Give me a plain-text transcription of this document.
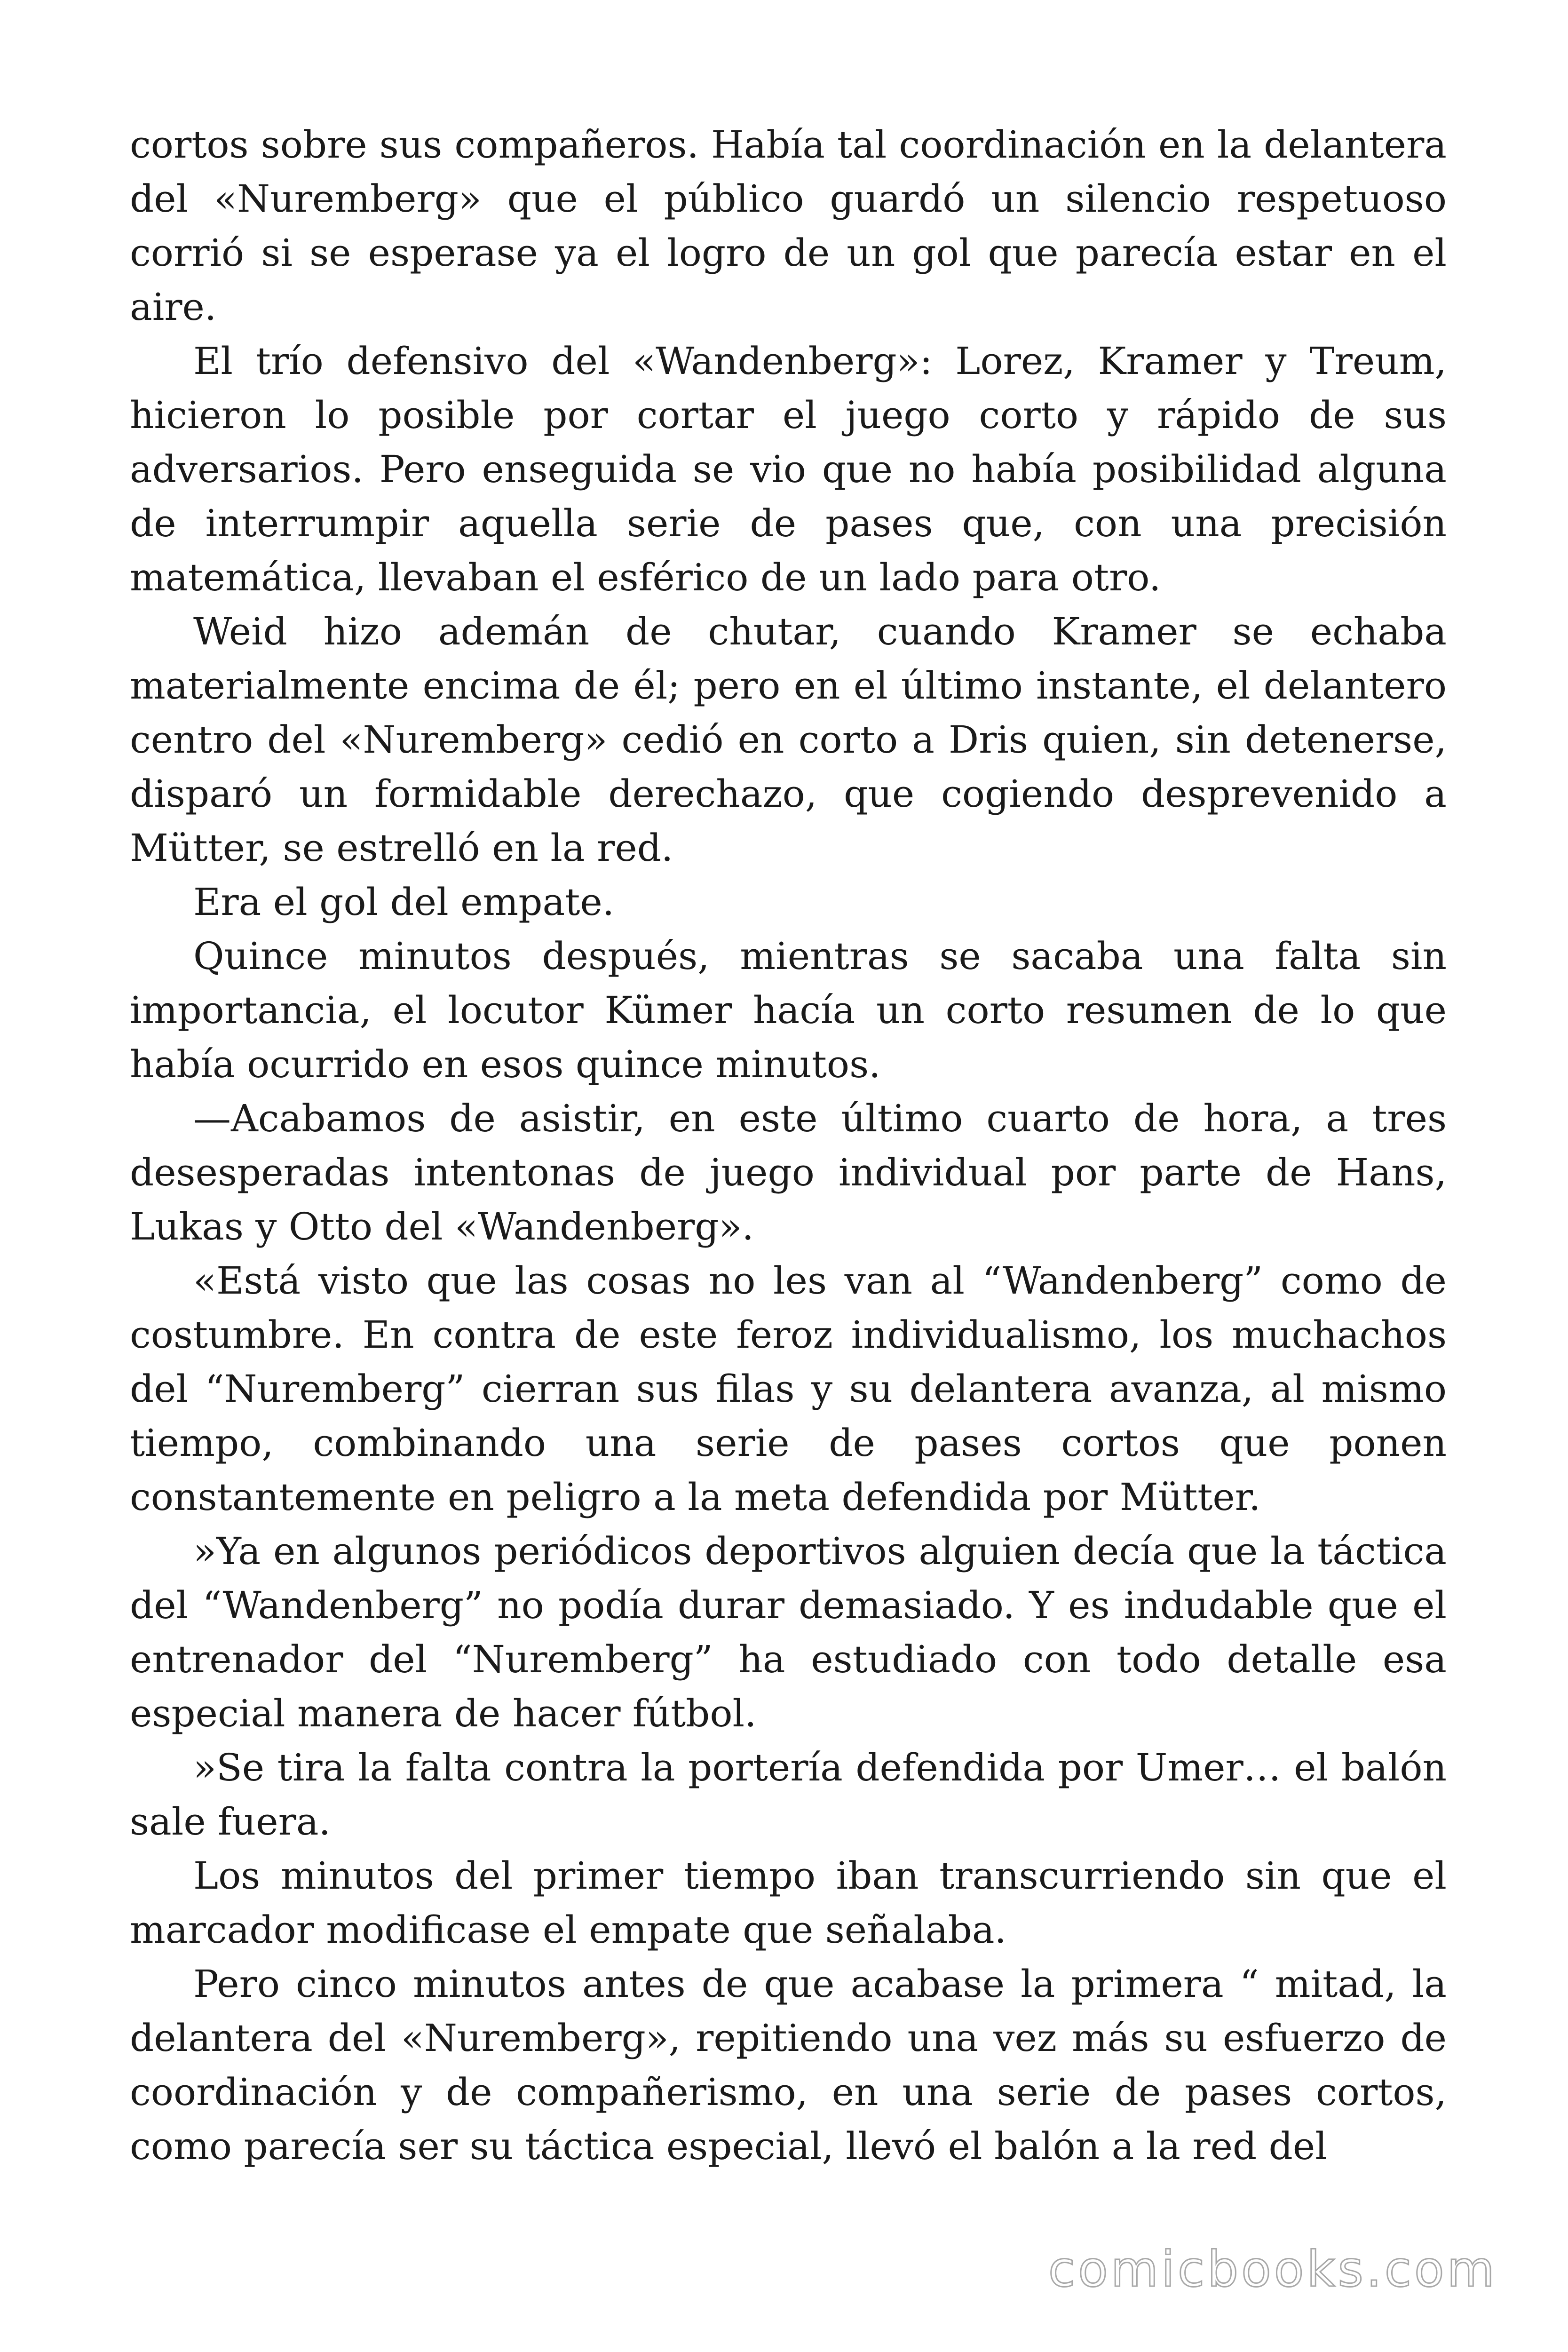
cortos sobre sus compañeros. Había tal coordinación en la delantera del «Nuremberg» que el público guardó un silencio respetuoso corrió si se esperase ya el logro de un gol que parecía estar en el aire.

El trío defensivo del «Wandenberg»: Lorez, Kramer y Treum, hicieron lo posible por cortar el juego corto y rápido de sus adversarios. Pero enseguida se vio que no había posibilidad alguna de interrumpir aquella serie de pases que, con una precisión matemática, llevaban el esférico de un lado para otro.

Weid hizo ademán de chutar, cuando Kramer se echaba materialmente encima de él; pero en el último instante, el delantero centro del «Nuremberg» cedió en corto a Dris quien, sin detenerse, disparó un formidable derechazo, que cogiendo desprevenido a Mütter, se estrelló en la red.

Era el gol del empate.

Quince minutos después, mientras se sacaba una falta sin importancia, el locutor Kümer hacía un corto resumen de lo que había ocurrido en esos quince minutos.

—Acabamos de asistir, en este último cuarto de hora, a tres desesperadas intentonas de juego individual por parte de Hans, Lukas y Otto del «Wandenberg».

«Está visto que las cosas no les van al “Wandenberg” como de costumbre. En contra de este feroz individualismo, los muchachos del “Nuremberg” cierran sus filas y su delantera avanza, al mismo tiempo, combinando una serie de pases cortos que ponen constantemente en peligro a la meta defendida por Mütter.

»Ya en algunos periódicos deportivos alguien decía que la táctica del “Wandenberg” no podía durar demasiado. Y es indudable que el entrenador del “Nuremberg” ha estudiado con todo detalle esa especial manera de hacer fútbol.

»Se tira la falta contra la portería defendida por Umer… el balón sale fuera.

Los minutos del primer tiempo iban transcurriendo sin que el marcador modificase el empate que señalaba.

Pero cinco minutos antes de que acabase la primera “ mitad, la delantera del «Nuremberg», repitiendo una vez más su esfuerzo de coordinación y de compañerismo, en una serie de pases cortos, como parecía ser su táctica especial, llevó el balón a la red del

comicbooks.com
